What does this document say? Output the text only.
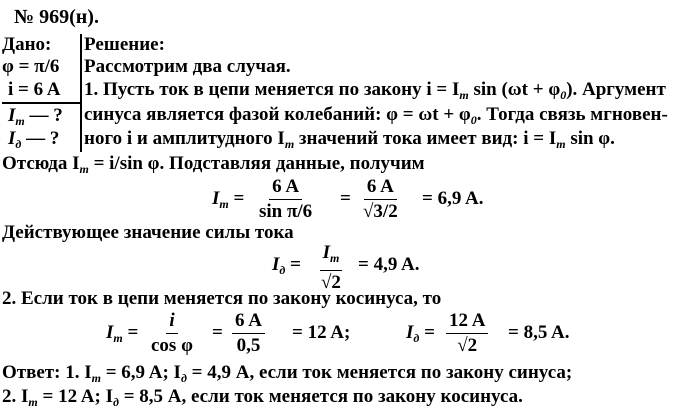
№ 969(н).
Дано:
φ = π/6
i = 6 A
$I_m$ — ?
$I_д$ — ?
Решение:
Рассмотрим два случая.
1. Пусть ток в цепи меняется по закону $i = I_m$ $\sin (\omega t + \varphi_0)$. Аргумент
синуса является фазой колебаний: $\varphi = \omega t + \varphi_0$. Тогда связь мгновен-
ного i и амплитудного $I_m$ значений тока имеет вид: $i = I_m$ sin φ.
Отсюда $I_m = i/\sin$ φ. Подставляя данные, получим
$I_m = \frac{6 A}{\text{sin π/6}} = \frac{6 A}{√3/2} = 6,9$ A.
Действующее значение силы тока
$I_д = \frac{I_m}{√2} = 4,9$ A.
2. Если ток в цепи меняется по закону косинуса, то
$I_m = \frac{i}{\text{cos φ}} = \frac{6 A}{0,5} = 12$ A;	$I_д = \frac{12 A}{√2} = 8,5$ A.
Ответ: 1. $I_m = 6,9$ A; $I_д = 4,9$ A, если ток меняется по закону синуса;
2. $I_m = 12$ A; $I_д = 8,5$ A, если ток меняется по закону косинуса.
